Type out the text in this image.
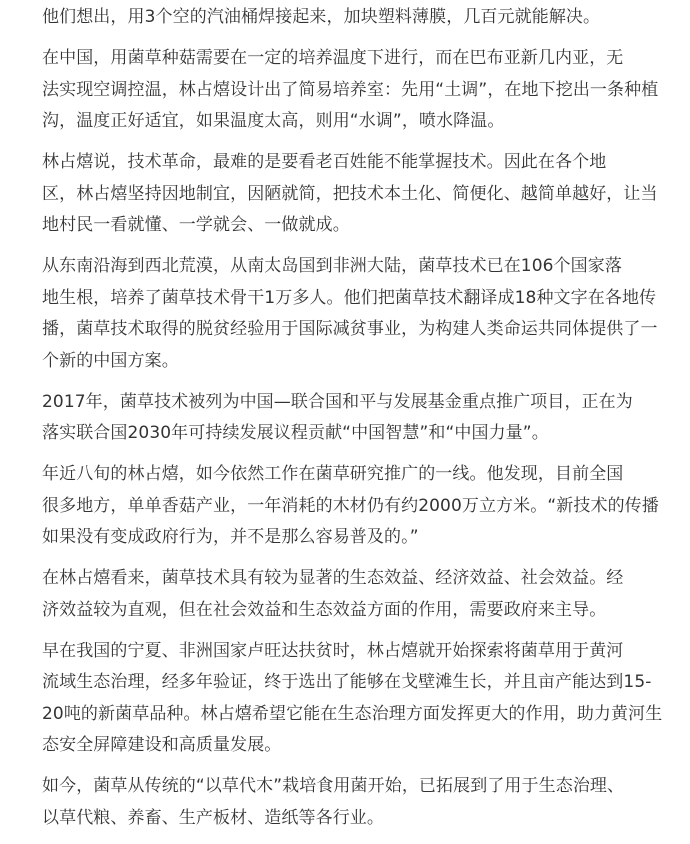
他们想出，用3个空的汽油桶焊接起来，加块塑料薄膜，几百元就能解决。

在中国，用菌草种菇需要在一定的培养温度下进行，而在巴布亚新几内亚，无
法实现空调控温，林占熺设计出了简易培养室：先用“土调”，在地下挖出一条种植
沟，温度正好适宜，如果温度太高，则用“水调”，喷水降温。

林占熺说，技术革命，最难的是要看老百姓能不能掌握技术。因此在各个地
区，林占熺坚持因地制宜，因陋就简，把技术本土化、简便化、越简单越好，让当
地村民一看就懂、一学就会、一做就成。

从东南沿海到西北荒漠，从南太岛国到非洲大陆，菌草技术已在106个国家落
地生根，培养了菌草技术骨干1万多人。他们把菌草技术翻译成18种文字在各地传
播，菌草技术取得的脱贫经验用于国际减贫事业，为构建人类命运共同体提供了一
个新的中国方案。

2017年，菌草技术被列为中国—联合国和平与发展基金重点推广项目，正在为
落实联合国2030年可持续发展议程贡献“中国智慧”和“中国力量”。

年近八旬的林占熺，如今依然工作在菌草研究推广的一线。他发现，目前全国
很多地方，单单香菇产业，一年消耗的木材仍有约2000万立方米。“新技术的传播
如果没有变成政府行为，并不是那么容易普及的。”

在林占熺看来，菌草技术具有较为显著的生态效益、经济效益、社会效益。经
济效益较为直观，但在社会效益和生态效益方面的作用，需要政府来主导。

早在我国的宁夏、非洲国家卢旺达扶贫时，林占熺就开始探索将菌草用于黄河
流域生态治理，经多年验证，终于选出了能够在戈壁滩生长，并且亩产能达到15-
20吨的新菌草品种。林占熺希望它能在生态治理方面发挥更大的作用，助力黄河生
态安全屏障建设和高质量发展。

如今，菌草从传统的“以草代木”栽培食用菌开始，已拓展到了用于生态治理、
以草代粮、养畜、生产板材、造纸等各行业。
